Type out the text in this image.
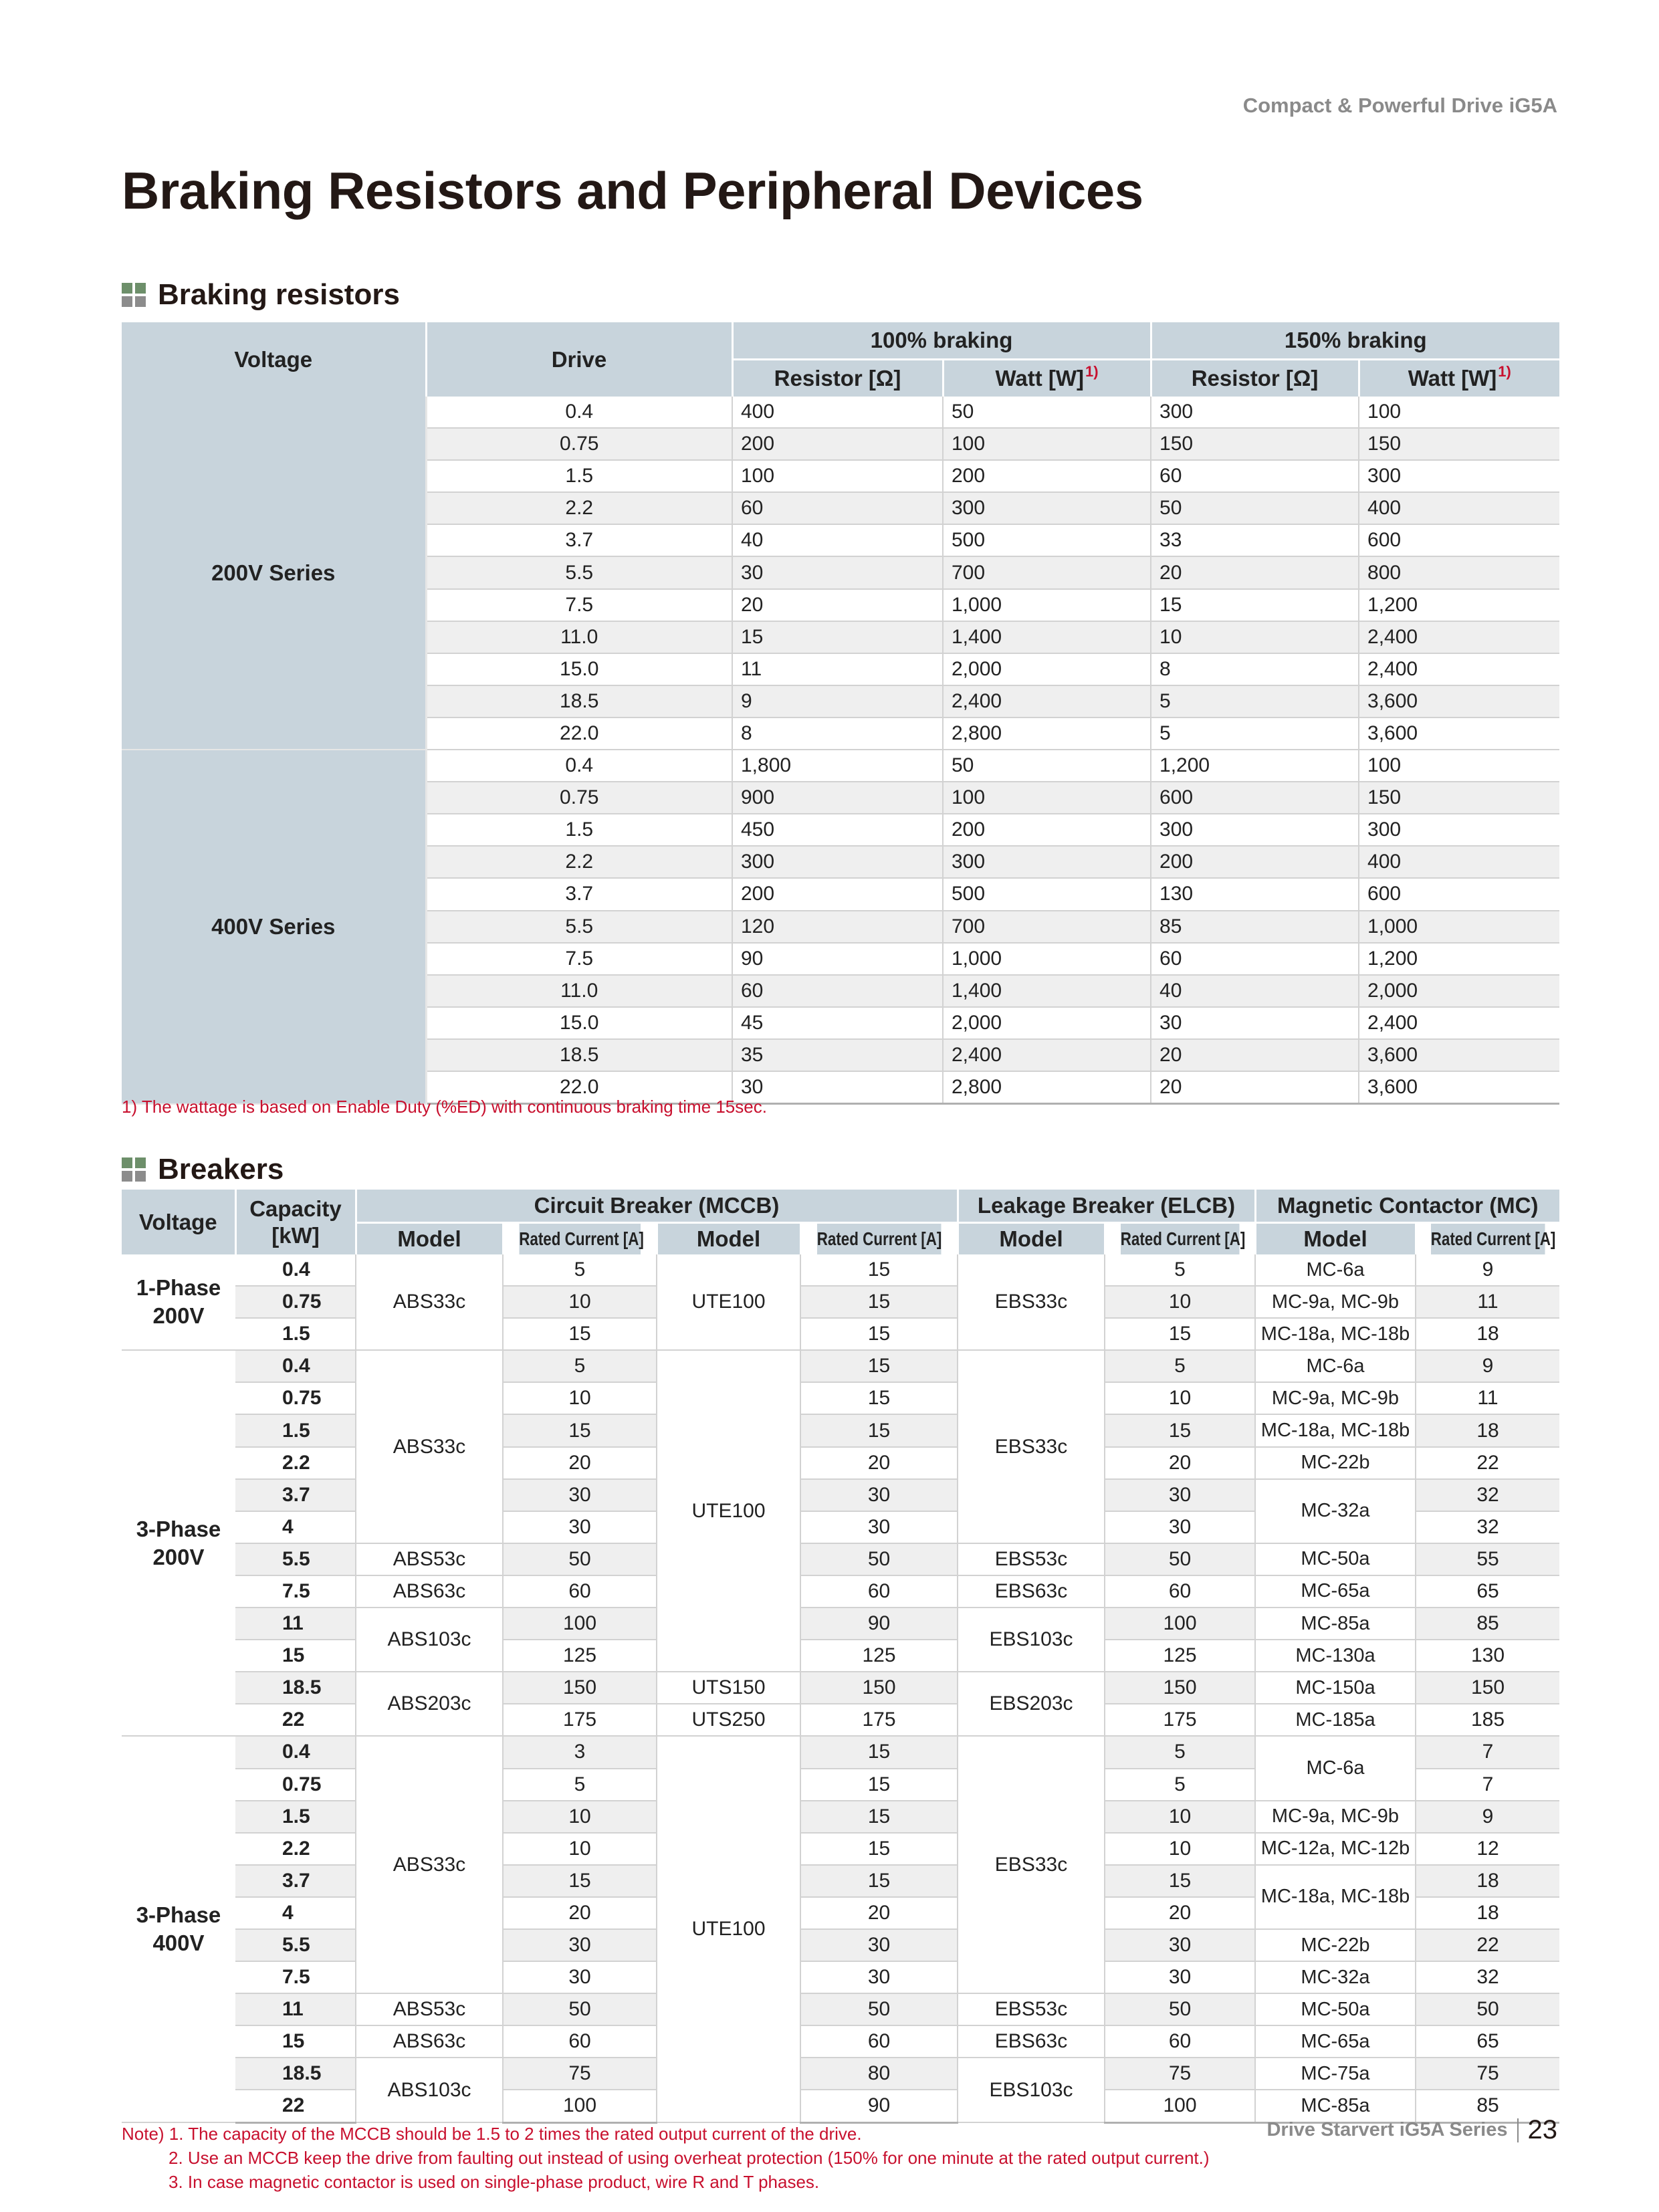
Compact & Powerful Drive iG5A
Braking Resistors and Peripheral Devices
Braking resistors
Voltage	Drive	100% braking		150% braking	
		Resistor [Ω]	Watt $[W]^{1)}$	Resistor [Ω]	Watt $[W]^{1)}$
200V Series	0.4	400	50	300	100
	0.75	200	100	150	150
	1.5	100	200	60	300
	2.2	60	300	50	400
	3.7	40	500	33	600
	5.5	30	700	20	800
	7.5	20	1,000	15	1,200
	11.0	15	1,400	10	2,400
	15.0	11	2,000	8	2,400
	18.5	9	2,400	5	3,600
	22.0	8	2,800	5	3,600
400V Series	0.4	1,800	50	1,200	100
	0.75	900	100	600	150
	1.5	450	200	300	300
	2.2	300	300	200	400
	3.7	200	500	130	600
	5.5	120	700	85	1,000
	7.5	90	1,000	60	1,200
	11.0	60	1,400	40	2,000
	15.0	45	2,000	30	2,400
	18.5	35	2,400	20	3,600
	22.0	30	2,800	20	3,600
1) The wattage is based on Enable Duty (%ED) with continuous braking time 15sec.
Breakers
Voltage	Capacity [kW]	Circuit Breaker (MCCB)				Leakage Breaker (ELCB)		Magnetic Contactor (MC)	
		Model	Rated Current [A]	Model	Rated Current [A]	Model	Rated Current [A]	Model	Rated Current [A]
1-Phase 200V	0.4	ABS33c	5	UTE100	15	EBS33c	5	MC-6a	9
	0.75		10		15		10	MC-9a, MC-9b	11
	1.5		15		15		15	MC-18a, MC-18b	18
3-Phase 200V	0.4	ABS33c	5	UTE100	15	EBS33c	5	MC-6a	9
	0.75		10		15		10	MC-9a, MC-9b	11
	1.5		15		15		15	MC-18a, MC-18b	18
	2.2		20		20		20	MC-22b	22
	3.7		30		30		30	MC-32a	32
	4		30		30		30		32
	5.5	ABS53c	50		50	EBS53c	50	MC-50a	55
	7.5	ABS63c	60		60	EBS63c	60	MC-65a	65
	11	ABS103c	100		90	EBS103c	100	MC-85a	85
	15		125		125		125	MC-130a	130
	18.5	ABS203c	150	UTS150	150	EBS203c	150	MC-150a	150
	22		175	UTS250	175		175	MC-185a	185
3-Phase 400V	0.4	ABS33c	3	UTE100	15	EBS33c	5	MC-6a	7
	0.75		5		15		5		7
	1.5		10		15		10	MC-9a, MC-9b	9
	2.2		10		15		10	MC-12a, MC-12b	12
	3.7		15		15		15	MC-18a, MC-18b	18
	4		20		20		20		18
	5.5		30		30		30	MC-22b	22
	7.5		30		30		30	MC-32a	32
	11	ABS53c	50		50	EBS53c	50	MC-50a	50
	15	ABS63c	60		60	EBS63c	60	MC-65a	65
	18.5	ABS103c	75		80	EBS103c	75	MC-75a	75
	22		100		90		100	MC-85a	85
Note) 1. The capacity of the MCCB should be 1.5 to 2 times the rated output current of the drive.
2. Use an MCCB keep the drive from faulting out instead of using overheat protection (150% for one minute at the rated output current.)
3. In case magnetic contactor is used on single-phase product, wire R and T phases.
Drive Starvert iG5A Series 23
